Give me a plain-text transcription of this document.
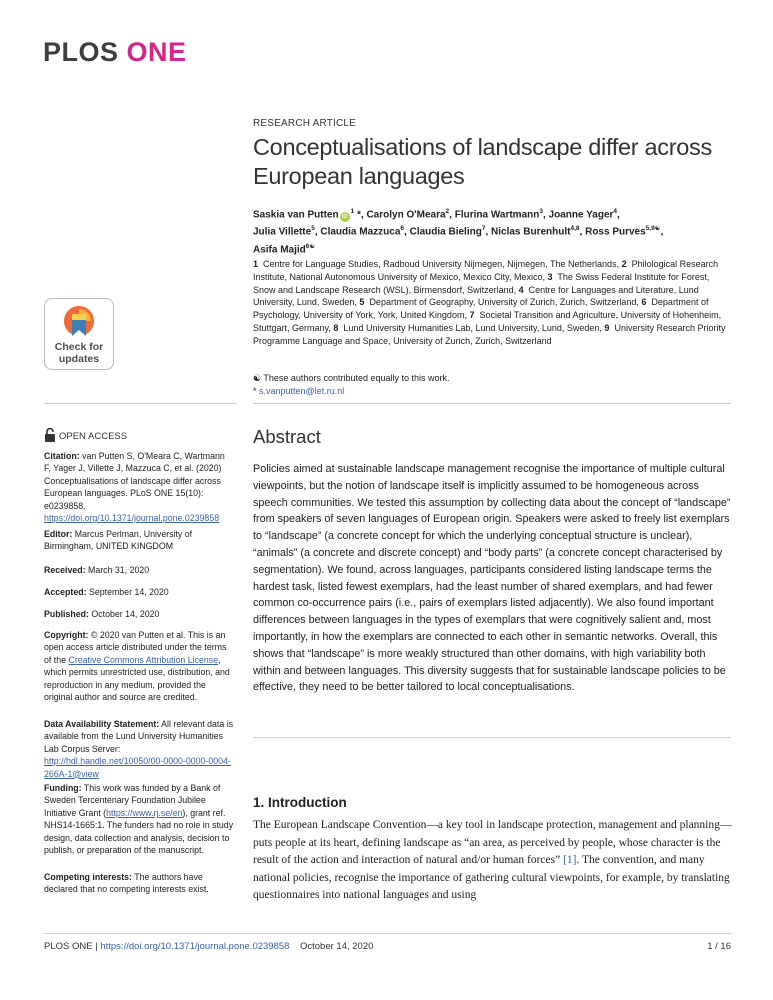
PLOS ONE
RESEARCH ARTICLE
Conceptualisations of landscape differ across European languages
Saskia van Putten $iD^1$ *, Carolyn O'Meara$^2$, Flurina Wartmann$^3$, Joanne Yager$^4$,
Julia Villette$^5$, Claudia Mazzuca$^6$, Claudia Bieling$^7$, Niclas Burenhult$^{4,8}$, Ross Purves$^{5,9☯}$,
Asifa Majid$^{6☯}$
1 Centre for Language Studies, Radboud University Nijmegen, Nijmegen, The Netherlands, 2 Philological Research Institute, National Autonomous University of Mexico, Mexico City, Mexico, 3 The Swiss Federal Institute for Forest, Snow and Landscape Research (WSL), Birmensdorf, Switzerland, 4 Centre for Languages and Literature, Lund University, Lund, Sweden, 5 Department of Geography, University of Zurich, Zurich, Switzerland, 6 Department of Psychology, University of York, York, United Kingdom, 7 Societal Transition and Agriculture, University of Hohenheim, Stuttgart, Germany, 8 Lund University Humanities Lab, Lund University, Lund, Sweden, 9 University Research Priority Programme Language and Space, University of Zurich, Zurich, Switzerland
☯ These authors contributed equally to this work.
* s.vanputten@let.ru.nl
Check for
updates
OPEN ACCESS
Citation: van Putten S, O'Meara C, Wartmann F, Yager J, Villette J, Mazzuca C, et al. (2020) Conceptualisations of landscape differ across European languages. PLoS ONE 15(10): e0239858. https://doi.org/10.1371/journal.pone.0239858
Editor: Marcus Perlman, University of Birmingham, UNITED KINGDOM
Received: March 31, 2020
Accepted: September 14, 2020
Published: October 14, 2020
Copyright: © 2020 van Putten et al. This is an open access article distributed under the terms of the Creative Commons Attribution License, which permits unrestricted use, distribution, and reproduction in any medium, provided the original author and source are credited.
Data Availability Statement: All relevant data is available from the Lund University Humanities Lab Corpus Server: http://hdl.handle.net/10050/00-0000-0000-0004-266A-1@view
Funding: This work was funded by a Bank of Sweden Tercentenary Foundation Jubilee Initiative Grant (https://www.rj.se/en), grant ref. NHS14-1665:1. The funders had no role in study design, data collection and analysis, decision to publish, or preparation of the manuscript.
Competing interests: The authors have declared that no competing interests exist.
Abstract

Policies aimed at sustainable landscape management recognise the importance of multiple cultural viewpoints, but the notion of landscape itself is implicitly assumed to be homogeneous across speech communities. We tested this assumption by collecting data about the concept of “landscape” from speakers of seven languages of European origin. Speakers were asked to freely list exemplars to “landscape” (a concrete concept for which the underlying conceptual structure is unclear), “animals” (a concrete and discrete concept) and “body parts” (a concrete concept characterised by segmentation). We found, across languages, participants considered listing landscape terms the hardest task, listed fewest exemplars, had the least number of shared exemplars, and had fewer common co-occurrence pairs (i.e., pairs of exemplars listed adjacently). We also found important differences between languages in the types of exemplars that were cognitively salient and, most importantly, in how the exemplars are connected to each other in semantic networks. Overall, this shows that “landscape” is more weakly structured than other domains, with high variability both within and between languages. This diversity suggests that for sustainable landscape policies to be effective, they need to be better tailored to local conceptualisations.

1. Introduction

The European Landscape Convention—a key tool in landscape protection, management and planning—puts people at its heart, defining landscape as “an area, as perceived by people, whose character is the result of the action and interaction of natural and/or human forces” [1]. The convention, and many national policies, recognise the importance of gathering cultural viewpoints, for example, by translating questionnaires into national languages and using

PLOS ONE | https://doi.org/10.1371/journal.pone.0239858 October 14, 2020	1 / 16
